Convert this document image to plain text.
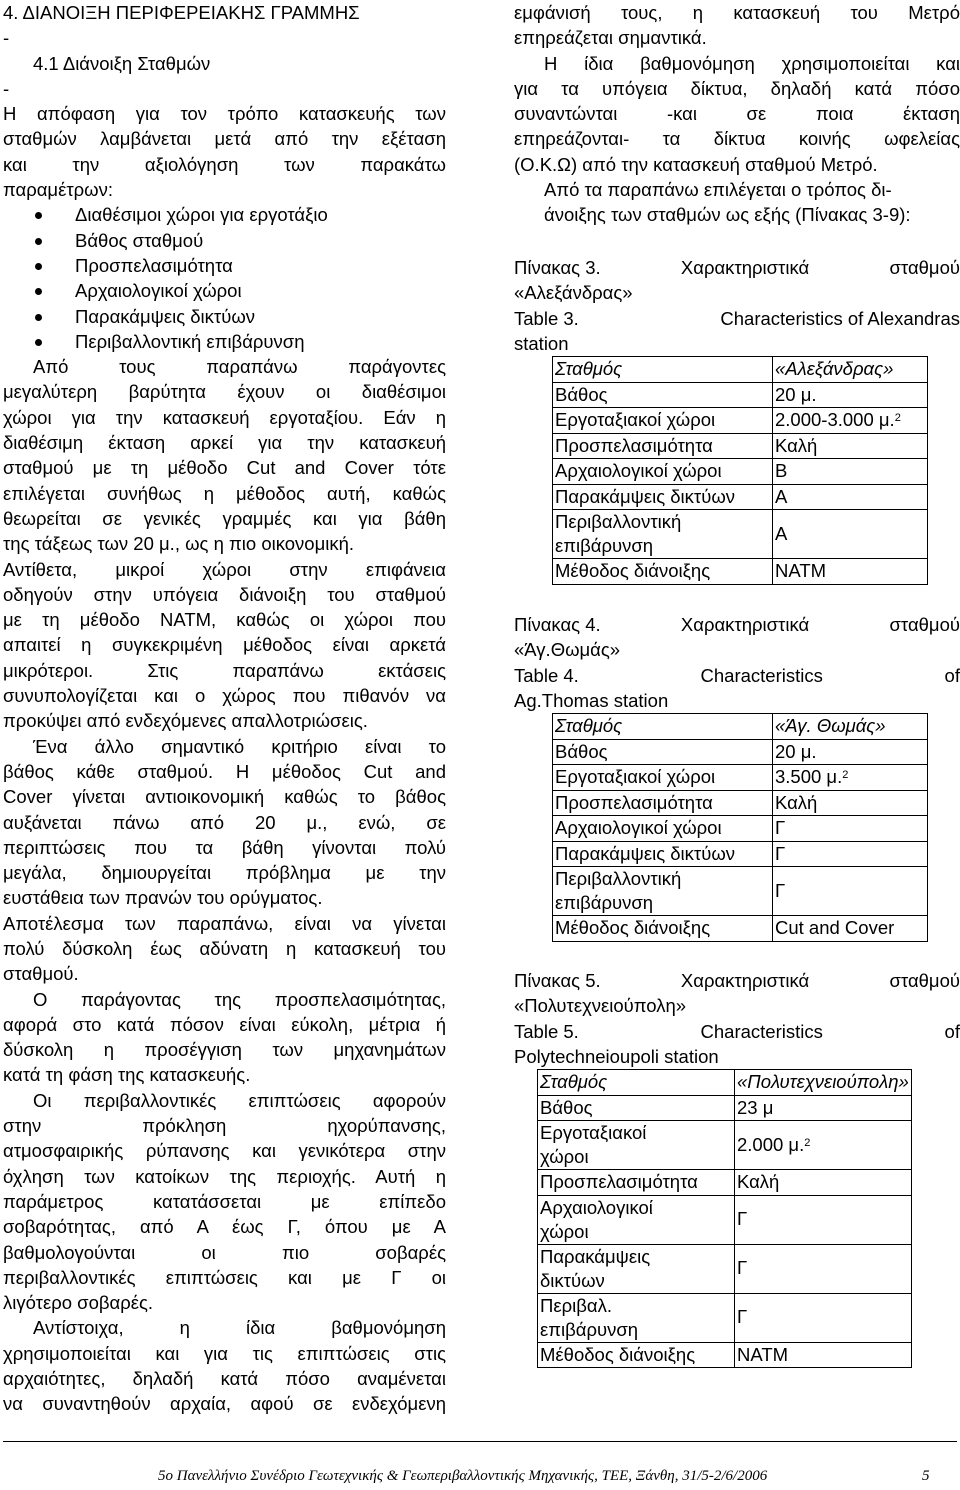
4. ΔΙΑΝΟΙΞΗ ΠΕΡΙΦΕΡΕΙΑΚΗΣ ΓΡΑΜΜΗΣ
-
4.1 Διάνοιξη Σταθμών
-
Η απόφαση για τον τρόπο κατασκευής των
σταθμών λαμβάνεται μετά από την εξέταση
και την αξιολόγηση των παρακάτω
παραμέτρων:
Διαθέσιμοι χώροι για εργοτάξιο
Βάθος σταθμού
Προσπελασιμότητα
Αρχαιολογικοί χώροι
Παρακάμψεις δικτύων
Περιβαλλοντική επιβάρυνση
Από τους παραπάνω παράγοντες
μεγαλύτερη βαρύτητα έχουν οι διαθέσιμοι
χώροι για την κατασκευή εργοταξίου. Εάν η
διαθέσιμη έκταση αρκεί για την κατασκευή
σταθμού με τη μέθοδο Cut and Cover τότε
επιλέγεται συνήθως η μέθοδος αυτή, καθώς
θεωρείται σε γενικές γραμμές και για βάθη
της τάξεως των 20 μ., ως η πιο οικονομική.
Αντίθετα, μικροί χώροι στην επιφάνεια
οδηγούν στην υπόγεια διάνοιξη του σταθμού
με τη μέθοδο NATM, καθώς οι χώροι που
απαιτεί η συγκεκριμένη μέθοδος είναι αρκετά
μικρότεροι. Στις παραπάνω εκτάσεις
συνυπολογίζεται και ο χώρος που πιθανόν να
προκύψει από ενδεχόμενες απαλλοτριώσεις.
Ένα άλλο σημαντικό κριτήριο είναι το
βάθος κάθε σταθμού. Η μέθοδος Cut and
Cover γίνεται αντιοικονομική καθώς το βάθος
αυξάνεται πάνω από 20 μ., ενώ, σε
περιπτώσεις που τα βάθη γίνονται πολύ
μεγάλα, δημιουργείται πρόβλημα με την
ευστάθεια των πρανών του ορύγματος.
Αποτέλεσμα των παραπάνω, είναι να γίνεται
πολύ δύσκολη έως αδύνατη η κατασκευή του
σταθμού.
Ο παράγοντας της προσπελασιμότητας,
αφορά στο κατά πόσον είναι εύκολη, μέτρια ή
δύσκολη η προσέγγιση των μηχανημάτων
κατά τη φάση της κατασκευής.
Οι περιβαλλοντικές επιπτώσεις αφορούν
στην πρόκληση ηχορύπανσης,
ατμοσφαιρικής ρύπανσης και γενικότερα στην
όχληση των κατοίκων της περιοχής. Αυτή η
παράμετρος κατατάσσεται με επίπεδο
σοβαρότητας, από Α έως Γ, όπου με Α
βαθμολογούνται οι πιο σοβαρές
περιβαλλοντικές επιπτώσεις και με Γ οι
λιγότερο σοβαρές.
Αντίστοιχα, η ίδια βαθμονόμηση
χρησιμοποιείται και για τις επιπτώσεις στις
αρχαιότητες, δηλαδή κατά πόσο αναμένεται
να συναντηθούν αρχαία, αφού σε ενδεχόμενη
εμφάνισή τους, η κατασκευή του Μετρό
επηρεάζεται σημαντικά.
Η ίδια βαθμονόμηση χρησιμοποιείται και
για τα υπόγεια δίκτυα, δηλαδή κατά πόσο
συναντώνται -και σε ποια έκταση
επηρεάζονται- τα δίκτυα κοινής ωφελείας
(Ο.Κ.Ω) από την κατασκευή σταθμού Μετρό.
Από τα παραπάνω επιλέγεται ο τρόπος δι-
άνοιξης των σταθμών ως εξής (Πίνακας 3-9):
Πίνακας 3.	Χαρακτηριστικά	σταθμού
«Αλεξάνδρας»
Table 3.	Characteristics of Alexandras
station
Σταθμός	«Αλεξάνδρας»
Βάθος	20 μ.
Εργοταξιακοί χώροι	2.000-3.000 μ.$^2$
Προσπελασιμότητα	Καλή
Αρχαιολογικοί χώροι	Β
Παρακάμψεις δικτύων	Α

Περιβαλλοντική
επιβάρυνση	Α
Μέθοδος διάνοιξης	NATM
Πίνακας 4.	Χαρακτηριστικά	σταθμού
«Άγ.Θωμάς»
Table 4.	Characteristics	of
Ag.Thomas station
Σταθμός	«Άγ. Θωμάς»
Βάθος	20 μ.
Εργοταξιακοί χώροι	3.500 μ.$^2$
Προσπελασιμότητα	Καλή
Αρχαιολογικοί χώροι	Γ
Παρακάμψεις δικτύων	Γ

Περιβαλλοντική
επιβάρυνση	Γ
Μέθοδος διάνοιξης	Cut and Cover
Πίνακας 5.	Χαρακτηριστικά	σταθμού
«Πολυτεχνειούπολη»
Table 5.	Characteristics	of
Polytechneioupoli station
Σταθμός	«Πολυτεχνειούπολη»
Βάθος	23 μ

Εργοταξιακοί
χώροι	2.000 μ.$^2$
Προσπελασιμότητα	Καλή

Αρχαιολογικοί
χώροι	Γ

Παρακάμψεις
δικτύων	Γ

Περιβαλ.
επιβάρυνση	Γ
Μέθοδος διάνοιξης	NATM
5ο Πανελλήνιο Συνέδριο Γεωτεχνικής & Γεωπεριβαλλοντικής Μηχανικής, ΤΕΕ, Ξάνθη, 31/5-2/6/2006	5
